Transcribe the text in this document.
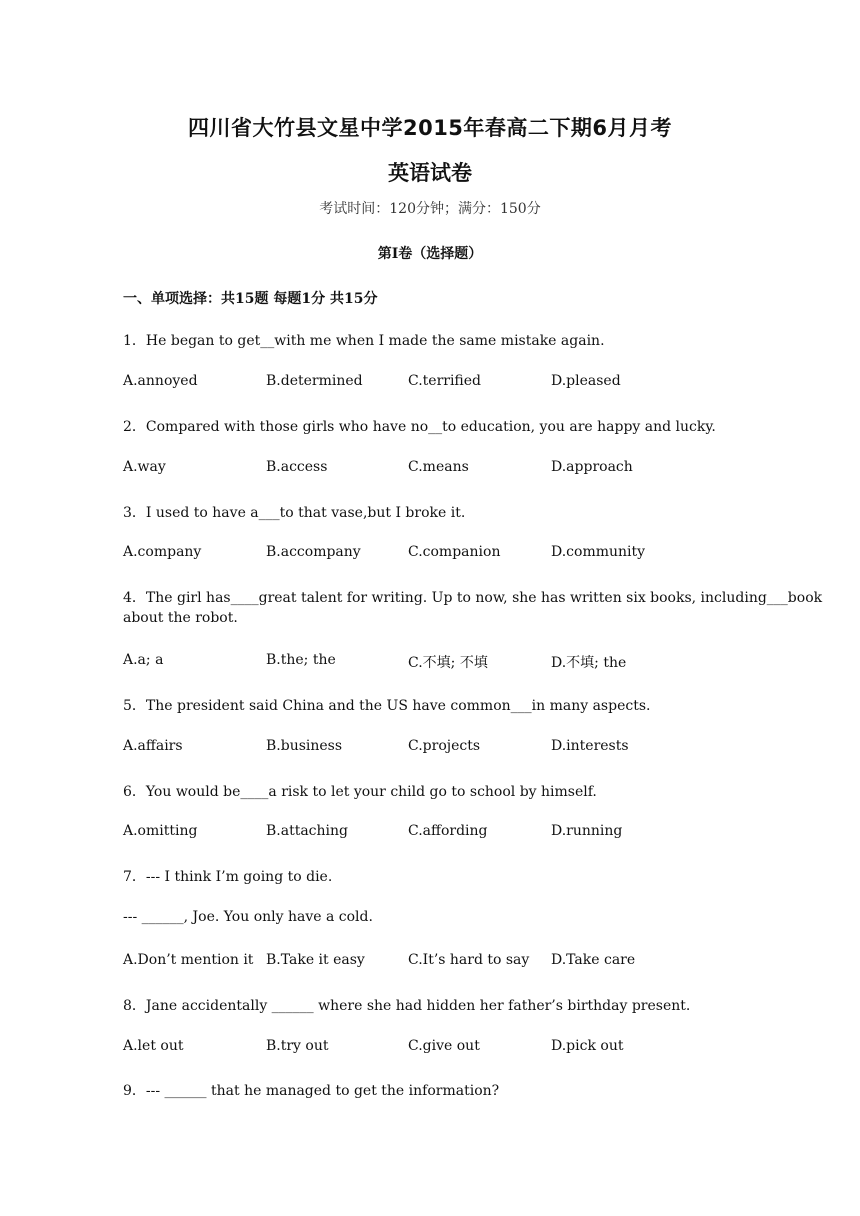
四川省大竹县文星中学2015年春高二下期6月月考
英语试卷
考试时间：120分钟；满分：150分
第I卷（选择题）
一、单项选择：共15题 每题1分 共15分
1．He began to get__with me when I made the same mistake again.
A.annoyed	B.determined	C.terrified	D.pleased
2．Compared with those girls who have no__to education, you are happy and lucky.
A.way	B.access	C.means	D.approach
3．I used to have a___to that vase,but I broke it.
A.company	B.accompany	C.companion	D.community
4．The girl has____great talent for writing. Up to now, she has written six books, including___book
about the robot.
A.a; a	B.the; the	C.不填; 不填	D.不填; the
5．The president said China and the US have common___in many aspects.
A.affairs	B.business	C.projects	D.interests
6．You would be____a risk to let your child go to school by himself.
A.omitting	B.attaching	C.affording	D.running
7．--- I think I’m going to die.
--- ______, Joe. You only have a cold.
A.Don’t mention it B.Take it easy	C.It’s hard to say D.Take care
8．Jane accidentally ______ where she had hidden her father’s birthday present.
A.let out	B.try out	C.give out	D.pick out
9．--- ______ that he managed to get the information?
